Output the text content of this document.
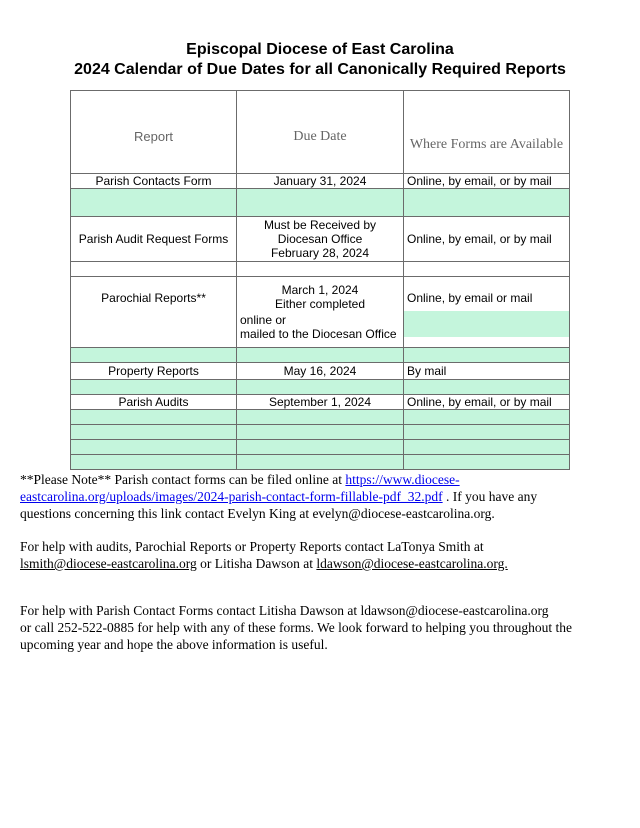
Episcopal Diocese of East Carolina
2024 Calendar of Due Dates for all Canonically Required Reports
Report	Due Date	Where Forms are Available
Parish Contacts Form	January 31, 2024	Online, by email, or by mail

Parish Audit Request Forms	Must be Received by
Diocesan Office
February 28, 2024	Online, by email, or by mail

Parochial Reports**	March 1, 2024
Either completed
online or
mailed to the Diocesan Office	Online, by email or mail

Property Reports	May 16, 2024	By mail

Parish Audits	September 1, 2024	Online, by email, or by mail

**Please Note** Parish contact forms can be filed online at https://www.diocese-
eastcarolina.org/uploads/images/2024-parish-contact-form-fillable-pdf_32.pdf . If you have any
questions concerning this link contact Evelyn King at evelyn@diocese-eastcarolina.org.
For help with audits, Parochial Reports or Property Reports contact LaTonya Smith at
lsmith@diocese-eastcarolina.org or Litisha Dawson at ldawson@diocese-eastcarolina.org.
For help with Parish Contact Forms contact Litisha Dawson at ldawson@diocese-eastcarolina.org
or call 252-522-0885 for help with any of these forms. We look forward to helping you throughout the
upcoming year and hope the above information is useful.
